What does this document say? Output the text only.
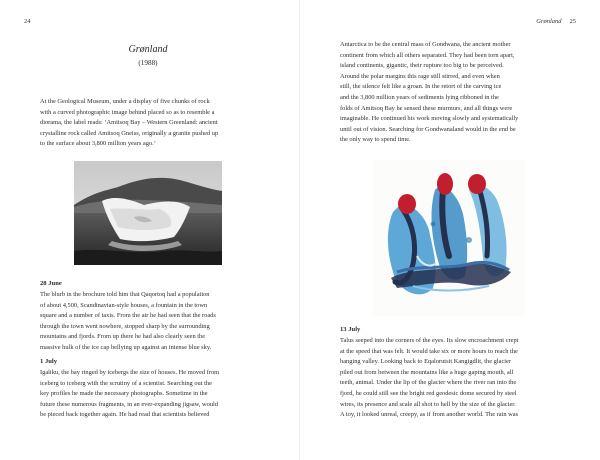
24
Grønland
(1988)

At the Geological Museum, under a display of five chunks of rock
with a curved photographic image behind placed so as to resemble a
diorama, the label reads: ‘Amitsoq Bay – Western Greenland: ancient
crystalline rock called Amitsoq Gneiss, originally a granite pushed up
to the surface about 3,800 million years ago.’

28 June

The blurb in the brochure told him that Qaqortoq had a population
of about 4,500, Scandinavian-style houses, a fountain in the town
square and a number of taxis. From the air he had seen that the roads
through the town went nowhere, stopped sharp by the surrounding
mountains and fjords. From up there he had also clearly seen the
massive hulk of the ice cap bellying up against an intense blue sky.

1 July

Igaliku, the bay ringed by icebergs the size of houses. He moved from
iceberg to iceberg with the scrutiny of a scientist. Searching out the
key profiles he made the necessary photographs. Sometime in the
future these numerous fragments, in an ever-expanding jigsaw, would
be pieced back together again. He had read that scientists believed

Grønland 25

Antarctica to be the central mass of Gondwana, the ancient mother
continent from which all others separated. They had been torn apart,
island continents, gigantic, their rupture too big to be perceived.
Around the polar margins this rage still stirred, and even when
still, the silence felt like a groan. In the retort of the carving ice
and the 3,800 million years of sediments lying ribboned in the
folds of Amitsoq Bay he sensed these murmurs, and all things were
imaginable. He continued his work moving slowly and systematically
until out of vision. Searching for Gondwanaland would in the end be
the only way to spend time.

13 July

Talus seeped into the corners of the eyes. Its slow encroachment crept
at the speed that was felt. It would take six or more hours to reach the
hanging valley. Looking back to Eqalorutsit Kangigdlit, the glacier
piled out from between the mountains like a huge gaping mouth, all
teeth, animal. Under the lip of the glacier where the river ran into the
fjord, he could still see the bright red geodesic dome secured by steel
wires, its presence and scale all shot to hell by the size of the glacier.
A toy, it looked unreal, creepy, as if from another world. The rain was
